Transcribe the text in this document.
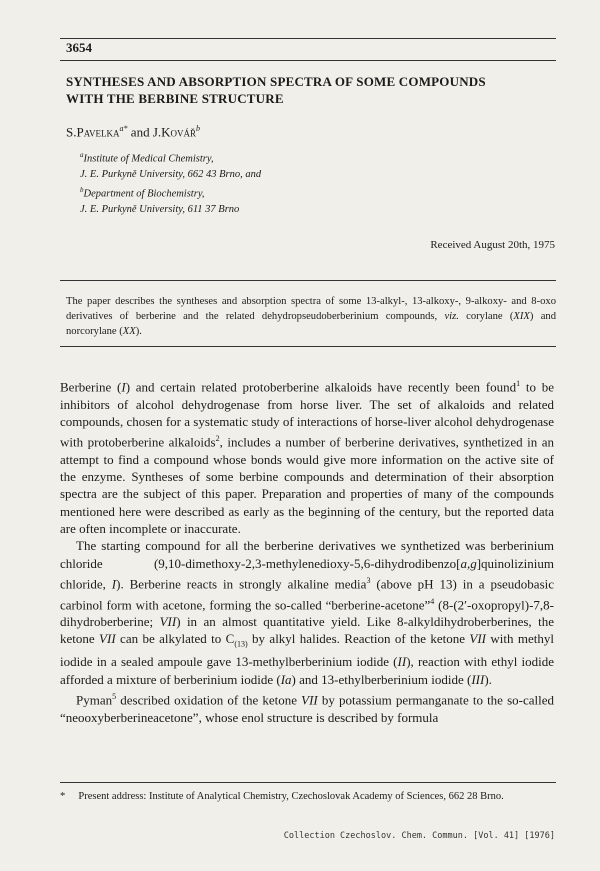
3654
SYNTHESES AND ABSORPTION SPECTRA OF SOME COMPOUNDS
WITH THE BERBINE STRUCTURE
S.Pavelka$^{a*}$ and J.Kovář$^b$
$^a$Institute of Medical Chemistry,
J. E. Purkyně University, 662 43 Brno, and
$^b$Department of Biochemistry,
J. E. Purkyně University, 611 37 Brno
Received August 20th, 1975
The paper describes the syntheses and absorption spectra of some 13-alkyl-, 13-alkoxy-, 9-alkoxy- and 8-oxo derivatives of berberine and the related dehydropseudoberberinium compounds, viz. corylane (XIX) and norcorylane (XX).

Berberine (I) and certain related protoberberine alkaloids have recently been found$^1$ to be inhibitors of alcohol dehydrogenase from horse liver. The set of alkaloids and related compounds, chosen for a systematic study of interactions of horse-liver alcohol dehydrogenase with protoberberine alkaloids$^2$, includes a number of berberine derivatives, synthetized in an attempt to find a compound whose bonds would give more information on the active site of the enzyme. Syntheses of some berbine compounds and determination of their absorption spectra are the subject of this paper. Preparation and properties of many of the compounds mentioned here were described as early as the beginning of the century, but the reported data are often incomplete or inaccurate.

The starting compound for all the berberine derivatives we synthetized was berberinium chloride (9,10-dimethoxy-2,3-methylenedioxy-5,6-dihydrodibenzo[a,g]quinolizinium chloride, I). Berberine reacts in strongly alkaline media$^3$ (above pH 13) in a pseudobasic carbinol form with acetone, forming the so-called “berberine-acetone”$^4$ (8-(2′-oxopropyl)-7,8-dihydroberberine; VII) in an almost quantitative yield. Like 8-alkyldihydroberberines, the ketone VII can be alkylated to $C_{(13)}$ by alkyl halides. Reaction of the ketone VII with methyl iodide in a sealed ampoule gave 13-methylberberinium iodide (II), reaction with ethyl iodide afforded a mixture of berberinium iodide (Ia) and 13-ethylberberinium iodide (III).

Pyman$^5$ described oxidation of the ketone VII by potassium permanganate to the so-called “neooxyberberineacetone”, whose enol structure is described by formula

*     Present address: Institute of Analytical Chemistry, Czechoslovak Academy of Sciences, 662 28 Brno.
Collection Czechoslov. Chem. Commun. [Vol. 41] [1976]
